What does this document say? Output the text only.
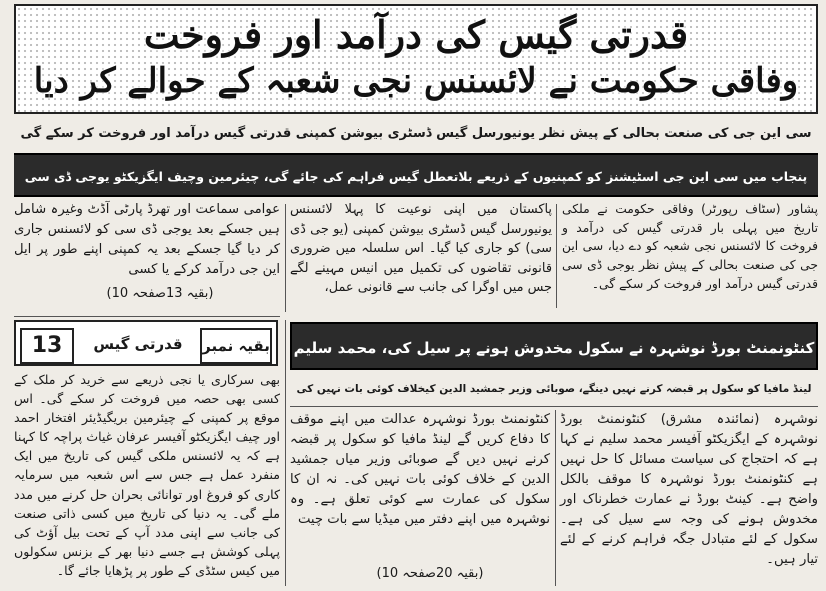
قدرتی گیس کی درآمد اور فروخت
وفاقی حکومت نے لائسنس نجی شعبہ کے حوالے کر دیا
سی این جی کی صنعت بحالی کے پیش نظر یونیورسل گیس ڈسٹری بیوشن کمپنی قدرتی گیس درآمد اور فروخت کر سکے گی
پنجاب میں سی این جی اسٹیشنز کو کمپنیوں کے ذریعے بلاتعطل گیس فراہم کی جائے گی، چیئرمین وچیف ایگزیکٹو یوجی ڈی سی

پشاور (سٹاف رپورٹر) وفاقی حکومت نے ملکی تاریخ میں پہلی بار قدرتی گیس کی درآمد و فروخت کا لائسنس نجی شعبہ کو دے دیا، سی این جی کی صنعت بحالی کے پیش نظر یوجی ڈی سی قدرتی گیس درآمد اور فروخت کر سکے گی۔

پاکستان میں اپنی نوعیت کا پہلا لائسنس یونیورسل گیس ڈسٹری بیوشن کمپنی (یو جی ڈی سی) کو جاری کیا گیا۔ اس سلسلہ میں ضروری قانونی تقاضوں کی تکمیل میں انیس مہینے لگے جس میں اوگرا کی جانب سے قانونی عمل،

عوامی سماعت اور تھرڈ پارٹی آڈٹ وغیرہ شامل ہیں جسکے بعد یوجی ڈی سی کو لائسنس جاری کر دیا گیا جسکے بعد یہ کمپنی اپنے طور پر ایل این جی درآمد کرکے یا کسی

(بقیہ 13صفحہ 10)
بقیہ نمبر
قدرتی گیس
13

بھی سرکاری یا نجی ذریعے سے خرید کر ملک کے کسی بھی حصہ میں فروخت کر سکے گی۔ اس موقع پر کمپنی کے چیئرمین بریگیڈیئر افتخار احمد اور چیف ایگزیکٹو آفیسر عرفان غیاث پراچہ کا کہنا ہے کہ یہ لائسنس ملکی گیس کی تاریخ میں ایک منفرد عمل ہے جس سے اس شعبہ میں سرمایہ کاری کو فروغ اور توانائی بحران حل کرنے میں مدد ملے گی۔ یہ دنیا کی تاریخ میں کسی ذاتی صنعت کی جانب سے اپنی مدد آپ کے تحت بیل آؤٹ کی پہلی کوشش ہے جسے دنیا بھر کے بزنس سکولوں میں کیس سٹڈی کے طور پر پڑھایا جائے گا۔

کنٹونمنٹ بورڈ نوشہرہ نے سکول مخدوش ہونے پر سیل کی، محمد سلیم
لینڈ مافیا کو سکول پر قبضہ کرنے نہیں دینگے، صوبائی وزیر جمشید الدین کیخلاف کوئی بات نہیں کی

نوشہرہ (نمائندہ مشرق) کنٹونمنٹ بورڈ نوشہرہ کے ایگزیکٹو آفیسر محمد سلیم نے کہا ہے کہ احتجاج کی سیاست مسائل کا حل نہیں ہے کنٹونمنٹ بورڈ نوشہرہ کا موقف بالکل واضح ہے۔ کینٹ بورڈ نے عمارت خطرناک اور مخدوش ہونے کی وجہ سے سیل کی ہے۔ سکول کے لئے متبادل جگہ فراہم کرنے کے لئے تیار ہیں۔

کنٹونمنٹ بورڈ نوشہرہ عدالت میں اپنے موقف کا دفاع کریں گے لینڈ مافیا کو سکول پر قبضہ کرنے نہیں دیں گے صوبائی وزیر میاں جمشید الدین کے خلاف کوئی بات نہیں کی۔ نہ ان کا سکول کی عمارت سے کوئی تعلق ہے۔ وہ نوشہرہ میں اپنے دفتر میں میڈیا سے بات چیت

(بقیہ 20صفحہ 10)
